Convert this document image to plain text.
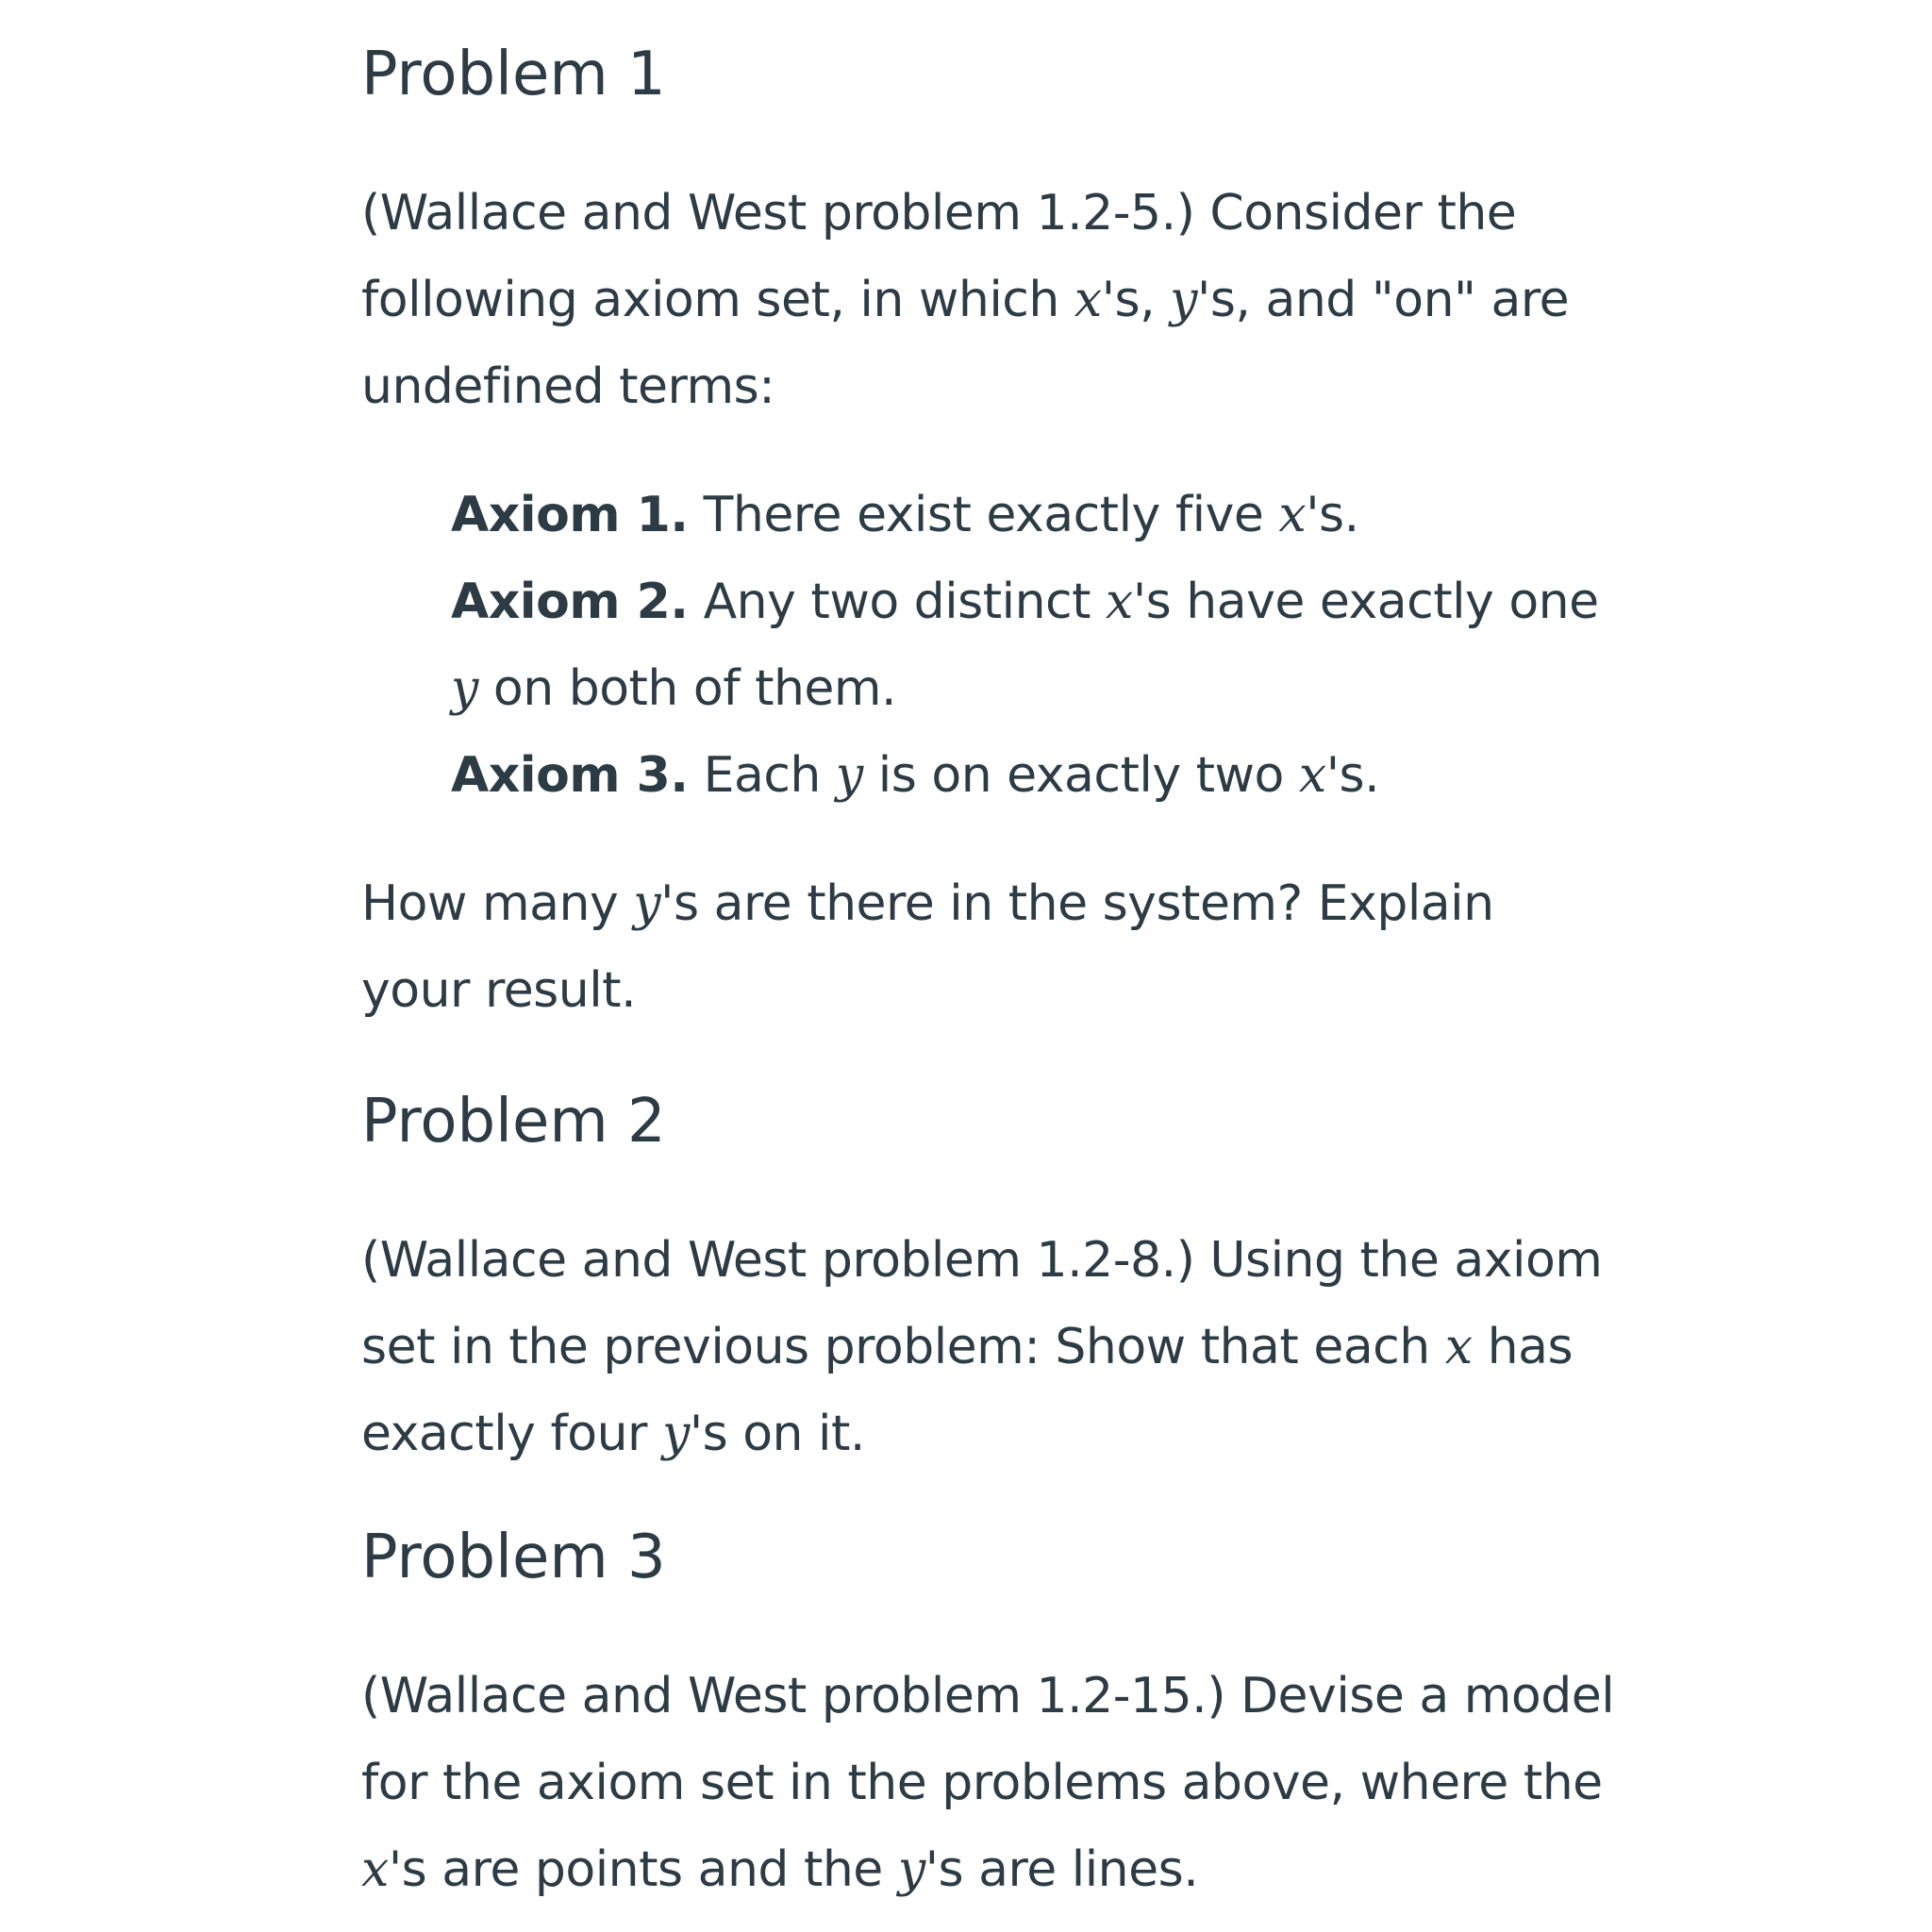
Problem 1

(Wallace and West problem 1.2-5.) Consider the following axiom set, in which x's, y's, and "on" are undefined terms:

Axiom 1. There exist exactly five x's.
Axiom 2. Any two distinct x's have exactly one y on both of them.
Axiom 3. Each y is on exactly two x's.

How many y's are there in the system? Explain your result.

Problem 2

(Wallace and West problem 1.2-8.) Using the axiom set in the previous problem: Show that each x has exactly four y's on it.

Problem 3

(Wallace and West problem 1.2-15.) Devise a model for the axiom set in the problems above, where the x's are points and the y's are lines.
